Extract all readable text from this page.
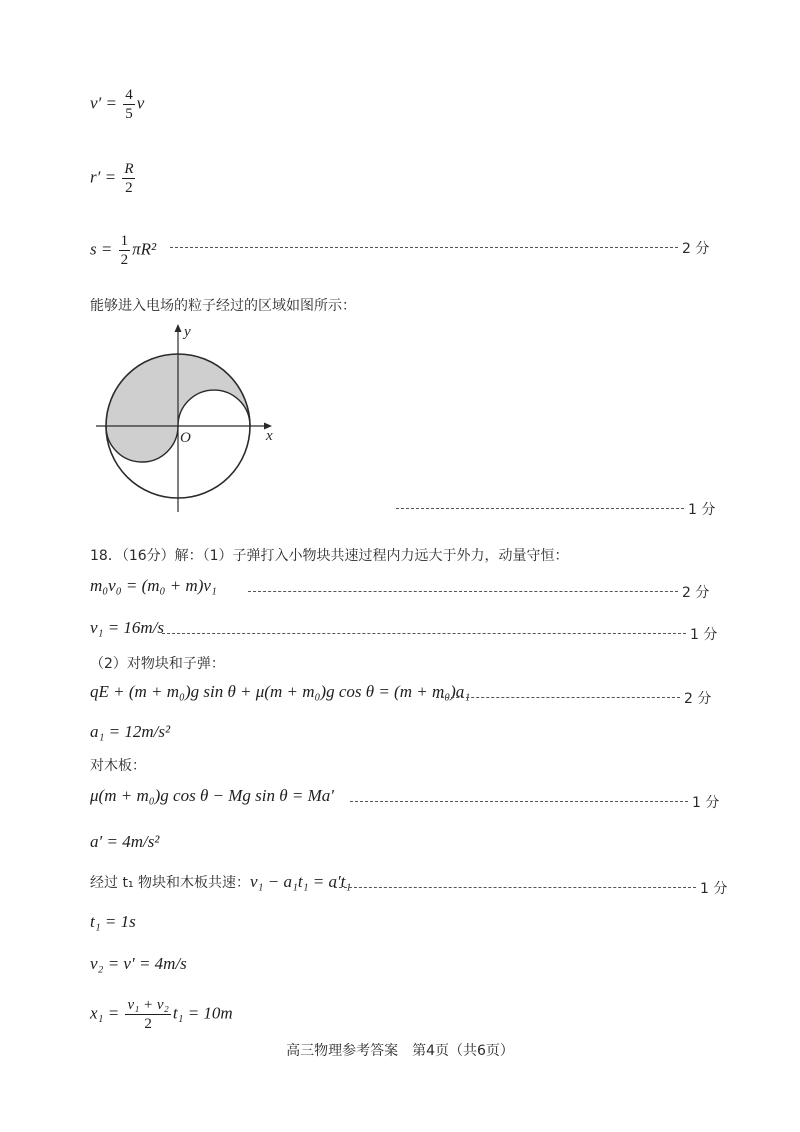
$v' = \frac{4}{5}$ v
$r' = \frac{R}{2}$
$s = \frac{1}{2} \pi R^2$	2 分
能够进入电场的粒子经过的区域如图所示：
y
x
O
1 分
18．（16分）解：（1）子弹打入小物块共速过程内力远大于外力，动量守恒：
m₀v₀ = (m₀ + m)v₁	2 分
v₁ = 16m/s	1 分
（2）对物块和子弹：
qE + (m + m₀)g sin θ + μ(m + m₀)g cos θ = (m + m₀)a₁	2 分
a₁ = 12m/s²
对木板：
μ(m + m₀)g cos θ − Mg sin θ = Ma′	1 分
a′ = 4m/s²
经过 t₁ 物块和木板共速：v₁ − a₁t₁ = a′t₁	1 分
t₁ = 1s
v₂ = v′ = 4m/s
$x_1 = \frac{\text{v₁ + v₂}}{2} t_1 = 10m$
高三物理参考答案　第4页（共6页）
